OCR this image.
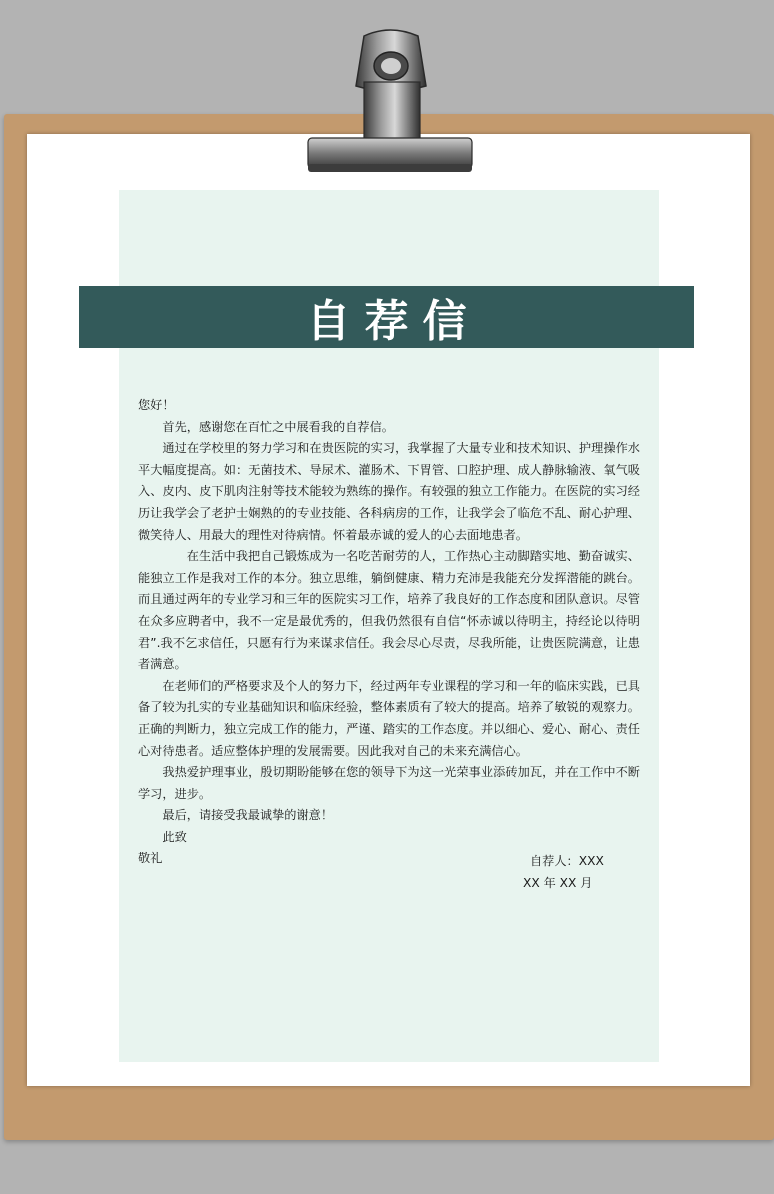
自荐信

您好！

首先，感谢您在百忙之中展看我的自荐信。

通过在学校里的努力学习和在贵医院的实习，我掌握了大量专业和技术知识、护理操作水平大幅度提高。如：无菌技术、导尿术、灌肠术、下胃管、口腔护理、成人静脉输液、氧气吸入、皮内、皮下肌肉注射等技术能较为熟练的操作。有较强的独立工作能力。在医院的实习经历让我学会了老护士娴熟的的专业技能、各科病房的工作，让我学会了临危不乱、耐心护理、微笑待人、用最大的理性对待病情。怀着最赤诚的爱人的心去面地患者。

在生活中我把自己锻炼成为一名吃苦耐劳的人，工作热心主动脚踏实地、勤奋诚实、能独立工作是我对工作的本分。独立思维，躺倒健康、精力充沛是我能充分发挥潜能的跳台。而且通过两年的专业学习和三年的医院实习工作，培养了我良好的工作态度和团队意识。尽管在众多应聘者中，我不一定是最优秀的，但我仍然很有自信“怀赤诚以待明主，持经论以待明君”.我不乞求信任，只愿有行为来谋求信任。我会尽心尽责，尽我所能，让贵医院满意，让患者满意。

在老师们的严格要求及个人的努力下，经过两年专业课程的学习和一年的临床实践，已具备了较为扎实的专业基础知识和临床经验，整体素质有了较大的提高。培养了敏锐的观察力。正确的判断力，独立完成工作的能力，严谨、踏实的工作态度。并以细心、爱心、耐心、责任心对待患者。适应整体护理的发展需要。因此我对自己的未来充满信心。

我热爱护理事业，殷切期盼能够在您的领导下为这一光荣事业添砖加瓦，并在工作中不断学习，进步。

最后，请接受我最诚挚的谢意！

此致

敬礼	自荐人：XXX
XX 年 XX 月
